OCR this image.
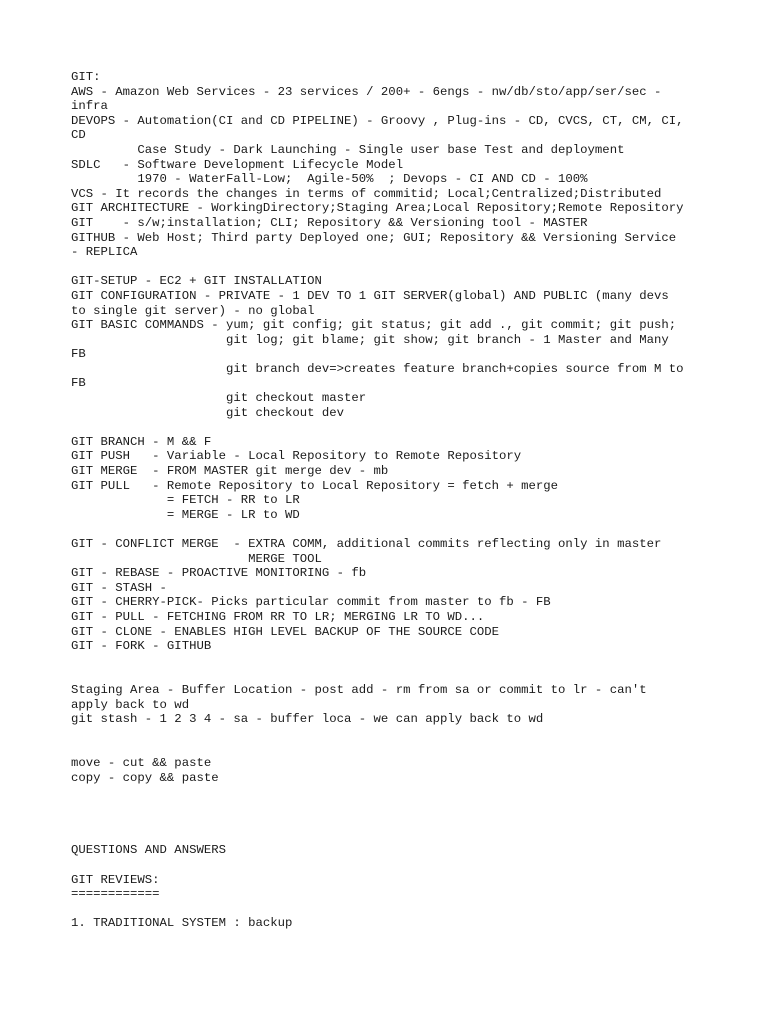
GIT:
AWS - Amazon Web Services - 23 services / 200+ - 6engs - nw/db/sto/app/ser/sec -
infra
DEVOPS - Automation(CI and CD PIPELINE) - Groovy , Plug-ins - CD, CVCS, CT, CM, CI,
CD
Case Study - Dark Launching - Single user base Test and deployment
SDLC   - Software Development Lifecycle Model
1970 - WaterFall-Low;  Agile-50%  ; Devops - CI AND CD - 100%
VCS - It records the changes in terms of commitid; Local;Centralized;Distributed
GIT ARCHITECTURE - WorkingDirectory;Staging Area;Local Repository;Remote Repository
GIT    - s/w;installation; CLI; Repository && Versioning tool - MASTER
GITHUB - Web Host; Third party Deployed one; GUI; Repository && Versioning Service
- REPLICA
GIT-SETUP - EC2 + GIT INSTALLATION
GIT CONFIGURATION - PRIVATE - 1 DEV TO 1 GIT SERVER(global) AND PUBLIC (many devs
to single git server) - no global
GIT BASIC COMMANDS - yum; git config; git status; git add ., git commit; git push;
git log; git blame; git show; git branch - 1 Master and Many
FB
git branch dev=>creates feature branch+copies source from M to
FB
git checkout master
git checkout dev
GIT BRANCH - M && F
GIT PUSH   - Variable - Local Repository to Remote Repository
GIT MERGE  - FROM MASTER git merge dev - mb
GIT PULL   - Remote Repository to Local Repository = fetch + merge
= FETCH - RR to LR
= MERGE - LR to WD
GIT - CONFLICT MERGE  - EXTRA COMM, additional commits reflecting only in master
MERGE TOOL
GIT - REBASE - PROACTIVE MONITORING - fb
GIT - STASH -
GIT - CHERRY-PICK- Picks particular commit from master to fb - FB
GIT - PULL - FETCHING FROM RR TO LR; MERGING LR TO WD...
GIT - CLONE - ENABLES HIGH LEVEL BACKUP OF THE SOURCE CODE
GIT - FORK - GITHUB
Staging Area - Buffer Location - post add - rm from sa or commit to lr - can't
apply back to wd
git stash - 1 2 3 4 - sa - buffer loca - we can apply back to wd
move - cut && paste
copy - copy && paste
QUESTIONS AND ANSWERS
GIT REVIEWS:
============
1. TRADITIONAL SYSTEM : backup
